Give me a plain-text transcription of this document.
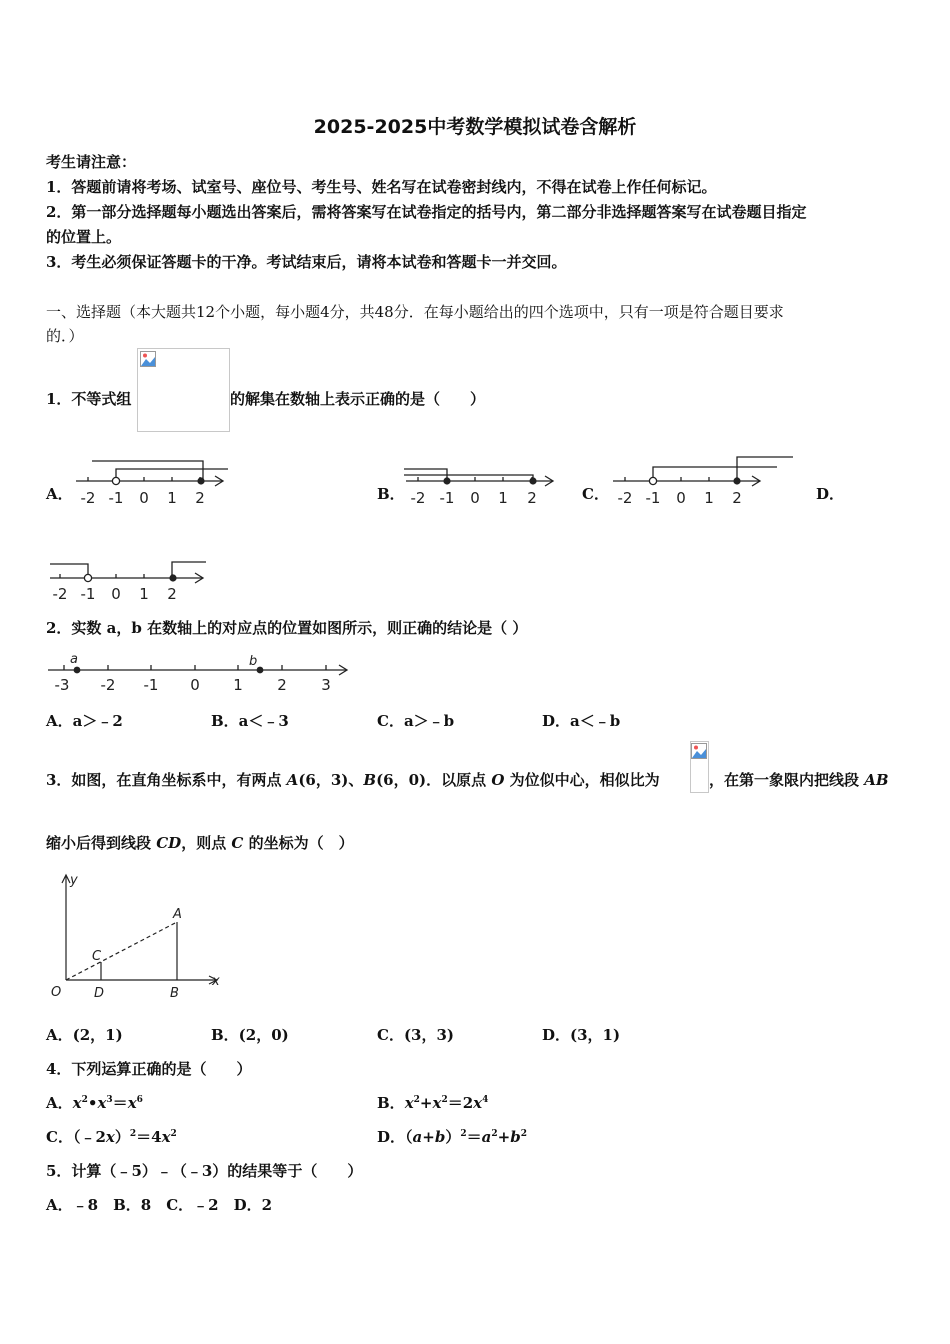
2025-2025中考数学模拟试卷含解析
考生请注意：
1．答题前请将考场、试室号、座位号、考生号、姓名写在试卷密封线内，不得在试卷上作任何标记。
2．第一部分选择题每小题选出答案后，需将答案写在试卷指定的括号内，第二部分非选择题答案写在试卷题目指定
的位置上。
3．考生必须保证答题卡的干净。考试结束后，请将本试卷和答题卡一并交回。
一、选择题（本大题共12个小题，每小题4分，共48分．在每小题给出的四个选项中，只有一项是符合题目要求
的．）
1．不等式组	的解集在数轴上表示正确的是（　　）
A． -2 -1 0 1 2	B． -2 -1 0 1 2	C． -2 -1 0 1 2	D．
-2 -1 0 1 2
2．实数 a，b 在数轴上的对应点的位置如图所示，则正确的结论是（ ）
a	b
-3 -2 -1 0 1 2 3
A．a＞﹣2	B．a＜﹣3	C．a＞﹣b	D．a＜﹣b
3．如图，在直角坐标系中，有两点 A(6，3)、B(6，0)．以原点 O 为位似中心，相似比为	，在第一象限内把线段 AB
缩小后得到线段 CD，则点 C 的坐标为（　）
y
x
O
A
B
C
D
A．(2，1)	B．(2，0)	C．(3，3)	D．(3，1)
4．下列运算正确的是（　　）
A．$x^2•x^3=x^6$	B．$x^2+x^2=2x^4$
C．$(﹣2x)^2=4x^2$	D．$(a+b)^2=a^2+b^2$
5．计算（﹣5）﹣（﹣3）的结果等于（　　）
A．﹣8　B．8　C．﹣2　D．2
